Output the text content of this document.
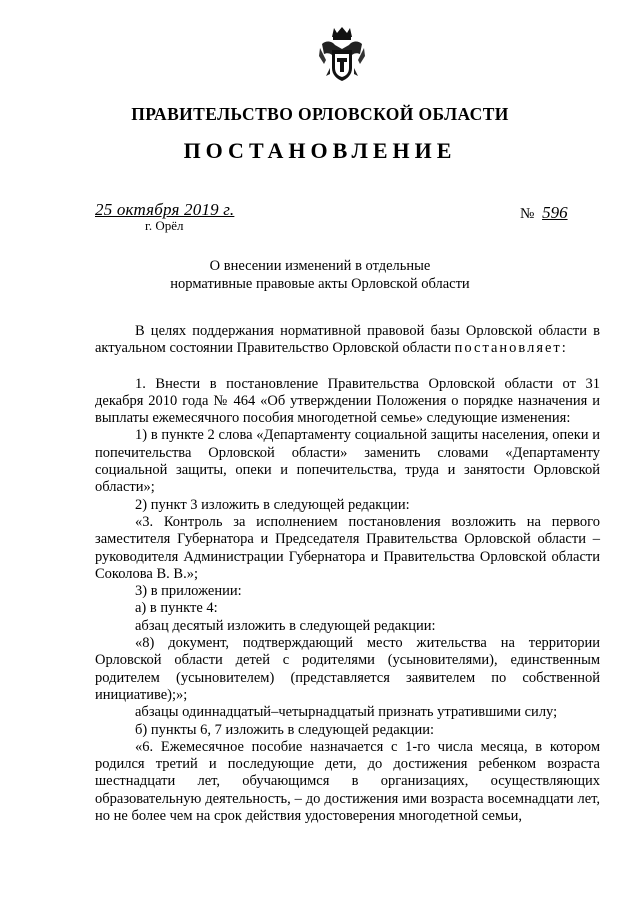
ПРАВИТЕЛЬСТВО ОРЛОВСКОЙ ОБЛАСТИ
ПОСТАНОВЛЕНИЕ
25 октября 2019 г.
г. Орёл
№ 596
О внесении изменений в отдельные
нормативные правовые акты Орловской области

В целях поддержания нормативной правовой базы Орловской области в актуальном состоянии Правительство Орловской области постановляет:

1. Внести в постановление Правительства Орловской области от 31 декабря 2010 года № 464 «Об утверждении Положения о порядке назначения и выплаты ежемесячного пособия многодетной семье» следующие изменения:

1) в пункте 2 слова «Департаменту социальной защиты населения, опеки и попечительства Орловской области» заменить словами «Департаменту социальной защиты, опеки и попечительства, труда и занятости Орловской области»;

2) пункт 3 изложить в следующей редакции:

«3. Контроль за исполнением постановления возложить на первого заместителя Губернатора и Председателя Правительства Орловской области – руководителя Администрации Губернатора и Правительства Орловской области Соколова В. В.»;

3) в приложении:

а) в пункте 4:

абзац десятый изложить в следующей редакции:

«8) документ, подтверждающий место жительства на территории Орловской области детей с родителями (усыновителями), единственным родителем (усыновителем) (представляется заявителем по собственной инициативе);»;

абзацы одиннадцатый–четырнадцатый признать утратившими силу;

б) пункты 6, 7 изложить в следующей редакции:

«6. Ежемесячное пособие назначается с 1-го числа месяца, в котором родился третий и последующие дети, до достижения ребенком возраста шестнадцати лет, обучающимся в организациях, осуществляющих образовательную деятельность, – до достижения ими возраста восемнадцати лет, но не более чем на срок действия удостоверения многодетной семьи,
